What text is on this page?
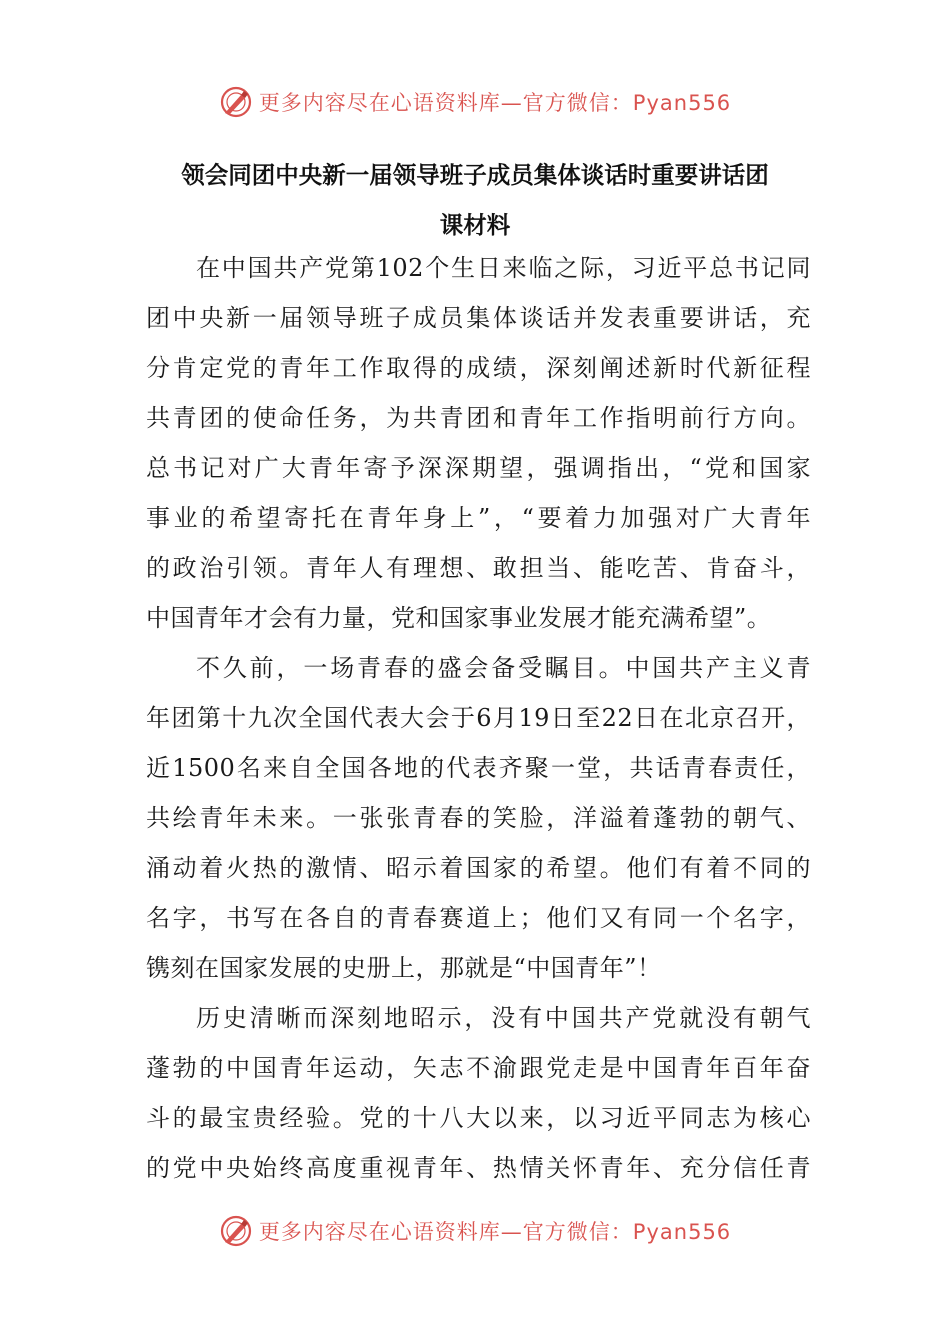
更多内容尽在心语资料库—官方微信：Pyan556
领会同团中央新一届领导班子成员集体谈话时重要讲话团
课材料
在中国共产党第102个生日来临之际，习近平总书记同
团中央新一届领导班子成员集体谈话并发表重要讲话，充
分肯定党的青年工作取得的成绩，深刻阐述新时代新征程
共青团的使命任务，为共青团和青年工作指明前行方向。
总书记对广大青年寄予深深期望，强调指出，“党和国家
事业的希望寄托在青年身上”，“要着力加强对广大青年
的政治引领。青年人有理想、敢担当、能吃苦、肯奋斗，
中国青年才会有力量，党和国家事业发展才能充满希望”。
不久前，一场青春的盛会备受瞩目。中国共产主义青
年团第十九次全国代表大会于6月19日至22日在北京召开，
近1500名来自全国各地的代表齐聚一堂，共话青春责任，
共绘青年未来。一张张青春的笑脸，洋溢着蓬勃的朝气、
涌动着火热的激情、昭示着国家的希望。他们有着不同的
名字，书写在各自的青春赛道上；他们又有同一个名字，
镌刻在国家发展的史册上，那就是“中国青年”！
历史清晰而深刻地昭示，没有中国共产党就没有朝气
蓬勃的中国青年运动，矢志不渝跟党走是中国青年百年奋
斗的最宝贵经验。党的十八大以来，以习近平同志为核心
的党中央始终高度重视青年、热情关怀青年、充分信任青
更多内容尽在心语资料库—官方微信：Pyan556
